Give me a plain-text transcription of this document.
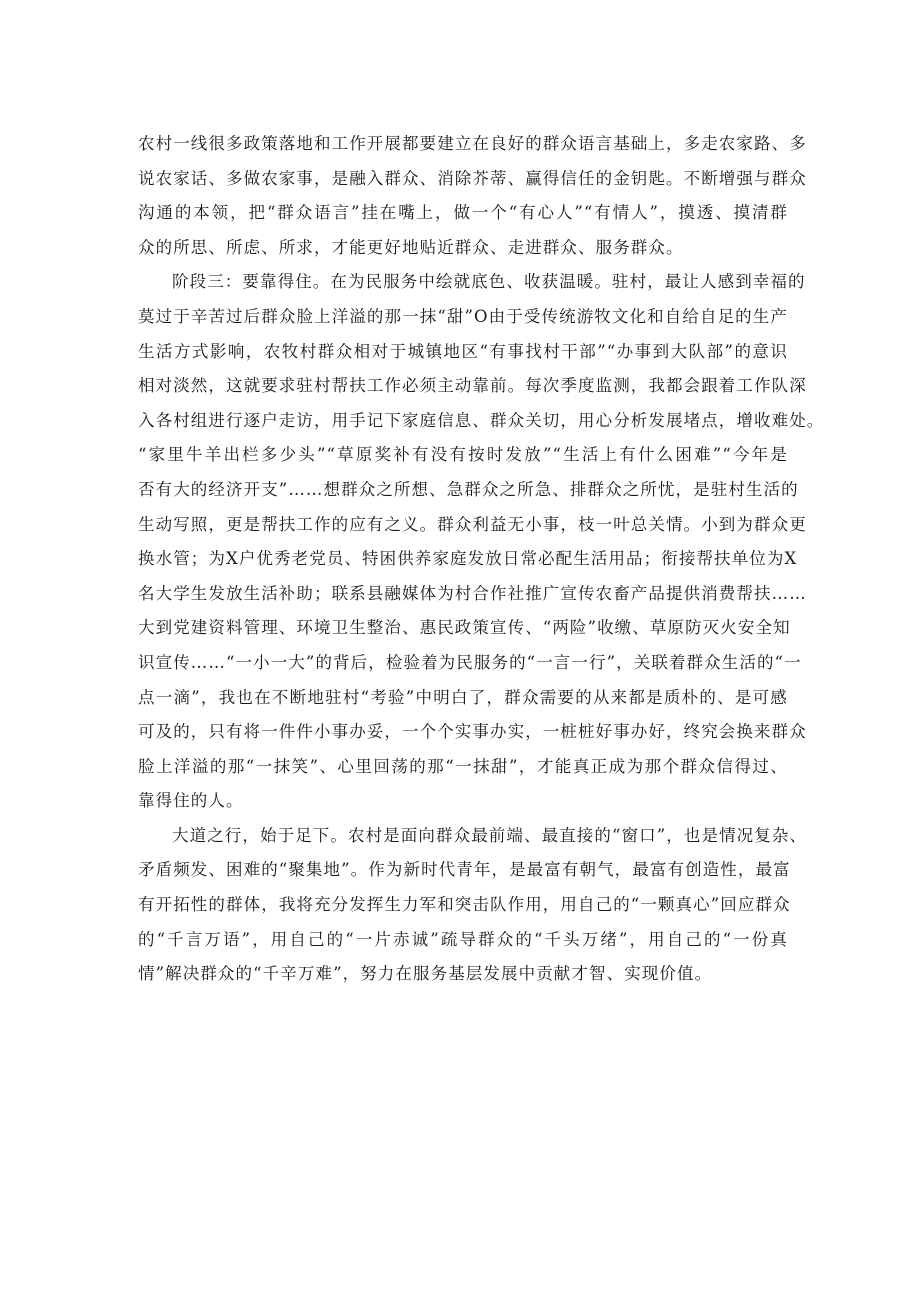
农村一线很多政策落地和工作开展都要建立在良好的群众语言基础上，多走农家路、多
说农家话、多做农家事，是融入群众、消除芥蒂、赢得信任的金钥匙。不断增强与群众
沟通的本领，把“群众语言”挂在嘴上，做一个“有心人”“有情人”，摸透、摸清群
众的所思、所虑、所求，才能更好地贴近群众、走进群众、服务群众。
阶段三：要靠得住。在为民服务中绘就底色、收获温暖。驻村，最让人感到幸福的
莫过于辛苦过后群众脸上洋溢的那一抹“甜”O由于受传统游牧文化和自给自足的生产
生活方式影响，农牧村群众相对于城镇地区“有事找村干部”“办事到大队部”的意识
相对淡然，这就要求驻村帮扶工作必须主动靠前。每次季度监测，我都会跟着工作队深
入各村组进行逐户走访，用手记下家庭信息、群众关切，用心分析发展堵点，增收难处。
“家里牛羊出栏多少头”“草原奖补有没有按时发放”“生活上有什么困难”“今年是
否有大的经济开支”……想群众之所想、急群众之所急、排群众之所忧，是驻村生活的
生动写照，更是帮扶工作的应有之义。群众利益无小事，枝一叶总关情。小到为群众更
换水管；为X户优秀老党员、特困供养家庭发放日常必配生活用品；衔接帮扶单位为X
名大学生发放生活补助；联系县融媒体为村合作社推广宣传农畜产品提供消费帮扶……
大到党建资料管理、环境卫生整治、惠民政策宣传、“两险”收缴、草原防灭火安全知
识宣传……“一小一大”的背后，检验着为民服务的“一言一行”，关联着群众生活的“一
点一滴”，我也在不断地驻村“考验”中明白了，群众需要的从来都是质朴的、是可感
可及的，只有将一件件小事办妥，一个个实事办实，一桩桩好事办好，终究会换来群众
脸上洋溢的那“一抹笑”、心里回荡的那“一抹甜”，才能真正成为那个群众信得过、
靠得住的人。
大道之行，始于足下。农村是面向群众最前端、最直接的“窗口”，也是情况复杂、
矛盾频发、困难的“聚集地”。作为新时代青年，是最富有朝气，最富有创造性，最富
有开拓性的群体，我将充分发挥生力军和突击队作用，用自己的“一颗真心”回应群众
的“千言万语”，用自己的“一片赤诚”疏导群众的“千头万绪”，用自己的“一份真
情”解决群众的“千辛万难”，努力在服务基层发展中贡献才智、实现价值。
